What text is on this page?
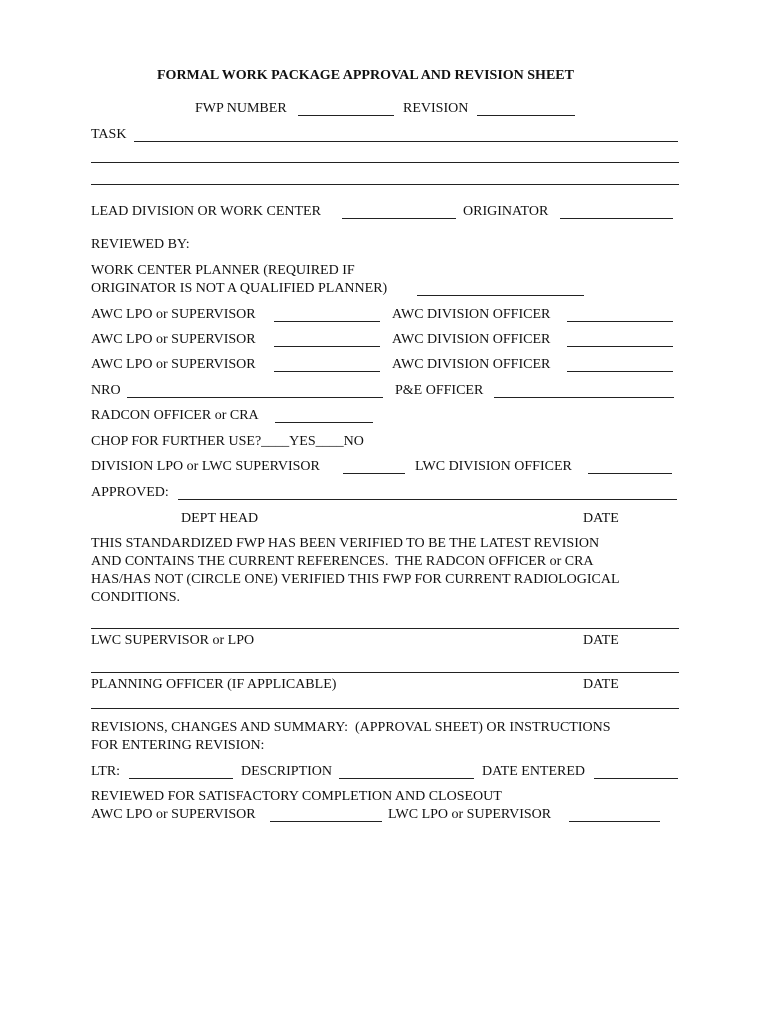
FORMAL WORK PACKAGE APPROVAL AND REVISION SHEET
FWP NUMBER	REVISION
TASK
LEAD DIVISION OR WORK CENTER	ORIGINATOR
REVIEWED BY:
WORK CENTER PLANNER (REQUIRED IF
ORIGINATOR IS NOT A QUALIFIED PLANNER)
AWC LPO or SUPERVISOR	AWC DIVISION OFFICER
AWC LPO or SUPERVISOR	AWC DIVISION OFFICER
AWC LPO or SUPERVISOR	AWC DIVISION OFFICER
NRO	P&E OFFICER
RADCON OFFICER or CRA
CHOP FOR FURTHER USE?____YES____NO
DIVISION LPO or LWC SUPERVISOR	LWC DIVISION OFFICER
APPROVED:
DEPT HEAD	DATE
THIS STANDARDIZED FWP HAS BEEN VERIFIED TO BE THE LATEST REVISION
AND CONTAINS THE CURRENT REFERENCES.  THE RADCON OFFICER or CRA
HAS/HAS NOT (CIRCLE ONE) VERIFIED THIS FWP FOR CURRENT RADIOLOGICAL
CONDITIONS.
LWC SUPERVISOR or LPO	DATE
PLANNING OFFICER (IF APPLICABLE)	DATE
REVISIONS, CHANGES AND SUMMARY:  (APPROVAL SHEET) OR INSTRUCTIONS
FOR ENTERING REVISION:
LTR:	DESCRIPTION	DATE ENTERED
REVIEWED FOR SATISFACTORY COMPLETION AND CLOSEOUT
AWC LPO or SUPERVISOR	LWC LPO or SUPERVISOR
